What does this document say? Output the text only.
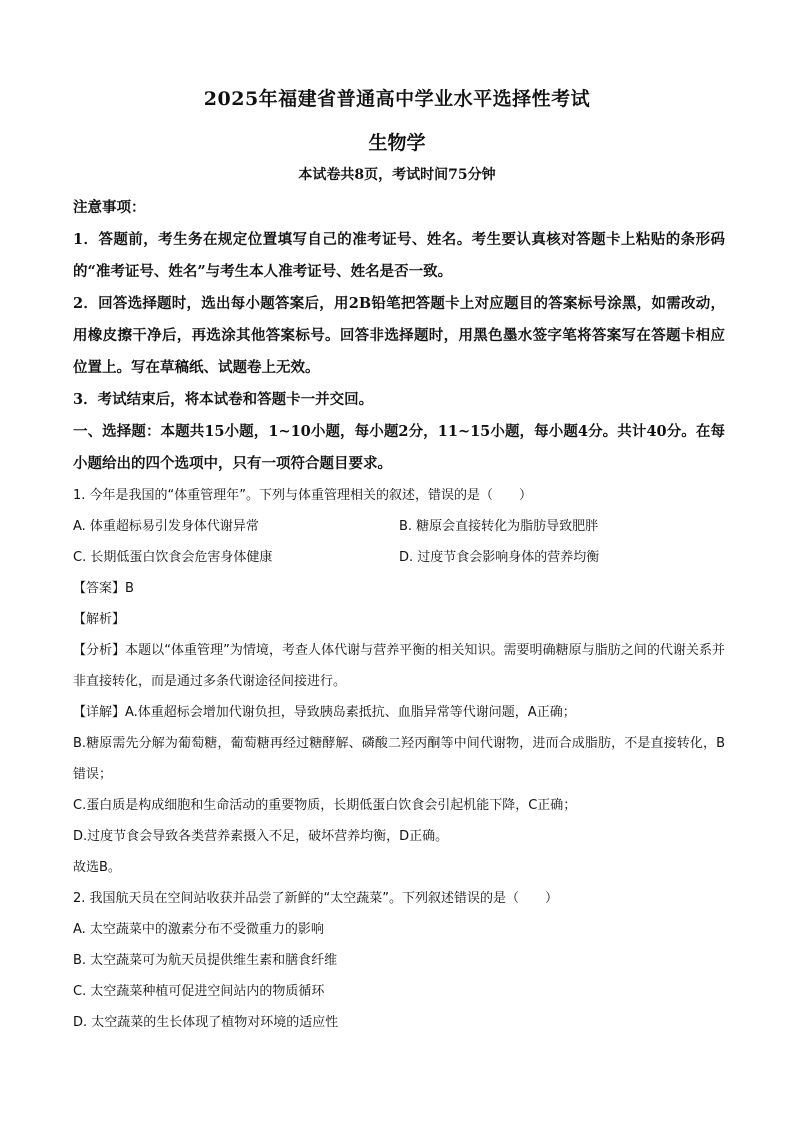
2025年福建省普通高中学业水平选择性考试
生物学
本试卷共8页，考试时间75分钟

注意事项：

1．答题前，考生务在规定位置填写自己的准考证号、姓名。考生要认真核对答题卡上粘贴的条形码的“准考证号、姓名”与考生本人准考证号、姓名是否一致。

2．回答选择题时，选出每小题答案后，用2B铅笔把答题卡上对应题目的答案标号涂黑，如需改动，用橡皮擦干净后，再选涂其他答案标号。回答非选择题时，用黑色墨水签字笔将答案写在答题卡相应位置上。写在草稿纸、试题卷上无效。

3．考试结束后，将本试卷和答题卡一并交回。

一、选择题：本题共15小题，1~10小题，每小题2分，11~15小题，每小题4分。共计40分。在每小题给出的四个选项中，只有一项符合题目要求。

1. 今年是我国的“体重管理年”。下列与体重管理相关的叙述，错误的是（　　）

A. 体重超标易引发身体代谢异常	B. 糖原会直接转化为脂肪导致肥胖
C. 长期低蛋白饮食会危害身体健康	D. 过度节食会影响身体的营养均衡

【答案】B

【解析】

【分析】本题以“体重管理”为情境，考查人体代谢与营养平衡的相关知识。需要明确糖原与脂肪之间的代谢关系并非直接转化，而是通过多条代谢途径间接进行。

【详解】A.体重超标会增加代谢负担，导致胰岛素抵抗、血脂异常等代谢问题，A正确；

B.糖原需先分解为葡萄糖，葡萄糖再经过糖酵解、磷酸二羟丙酮等中间代谢物，进而合成脂肪，不是直接转化，B错误；

C.蛋白质是构成细胞和生命活动的重要物质，长期低蛋白饮食会引起机能下降，C正确；

D.过度节食会导致各类营养素摄入不足，破坏营养均衡，D正确。

故选B。

2. 我国航天员在空间站收获并品尝了新鲜的“太空蔬菜”。下列叙述错误的是（　　）

A. 太空蔬菜中的激素分布不受微重力的影响

B. 太空蔬菜可为航天员提供维生素和膳食纤维

C. 太空蔬菜种植可促进空间站内的物质循环

D. 太空蔬菜的生长体现了植物对环境的适应性
